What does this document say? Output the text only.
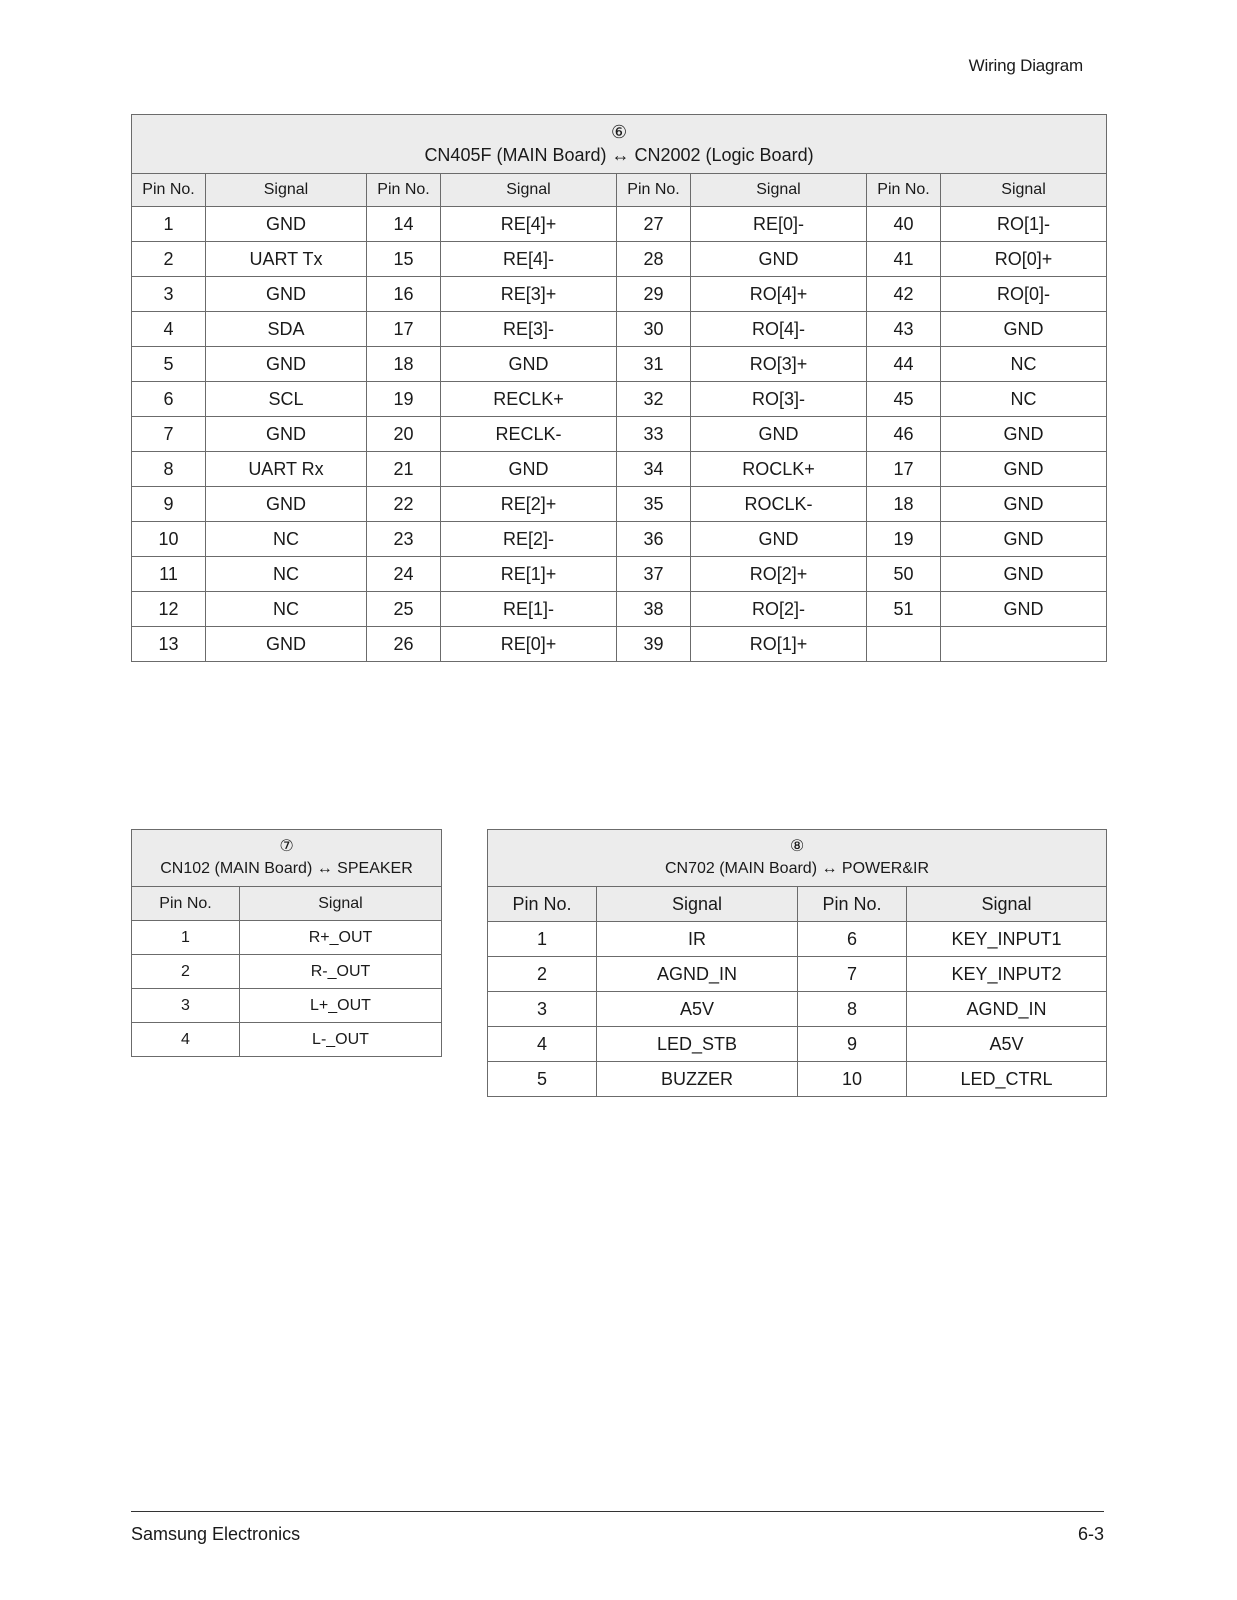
Wiring Diagram
⑥
CN405F (MAIN Board) ↔ CN2002 (Logic Board)							
Pin No.	Signal	Pin No.	Signal	Pin No.	Signal	Pin No.	Signal
1	GND	14	RE[4]+	27	RE[0]-	40	RO[1]-
2	UART Tx	15	RE[4]-	28	GND	41	RO[0]+
3	GND	16	RE[3]+	29	RO[4]+	42	RO[0]-
4	SDA	17	RE[3]-	30	RO[4]-	43	GND
5	GND	18	GND	31	RO[3]+	44	NC
6	SCL	19	RECLK+	32	RO[3]-	45	NC
7	GND	20	RECLK-	33	GND	46	GND
8	UART Rx	21	GND	34	ROCLK+	17	GND
9	GND	22	RE[2]+	35	ROCLK-	18	GND
10	NC	23	RE[2]-	36	GND	19	GND
11	NC	24	RE[1]+	37	RO[2]+	50	GND
12	NC	25	RE[1]-	38	RO[2]-	51	GND
13	GND	26	RE[0]+	39	RO[1]+		
⑦
CN102 (MAIN Board) ↔ SPEAKER	
Pin No.	Signal
1	R+_OUT
2	R-_OUT
3	L+_OUT
4	L-_OUT
⑧
CN702 (MAIN Board) ↔ POWER&IR			
Pin No.	Signal	Pin No.	Signal
1	IR	6	KEY_INPUT1
2	AGND_IN	7	KEY_INPUT2
3	A5V	8	AGND_IN
4	LED_STB	9	A5V
5	BUZZER	10	LED_CTRL
Samsung Electronics	6-3
